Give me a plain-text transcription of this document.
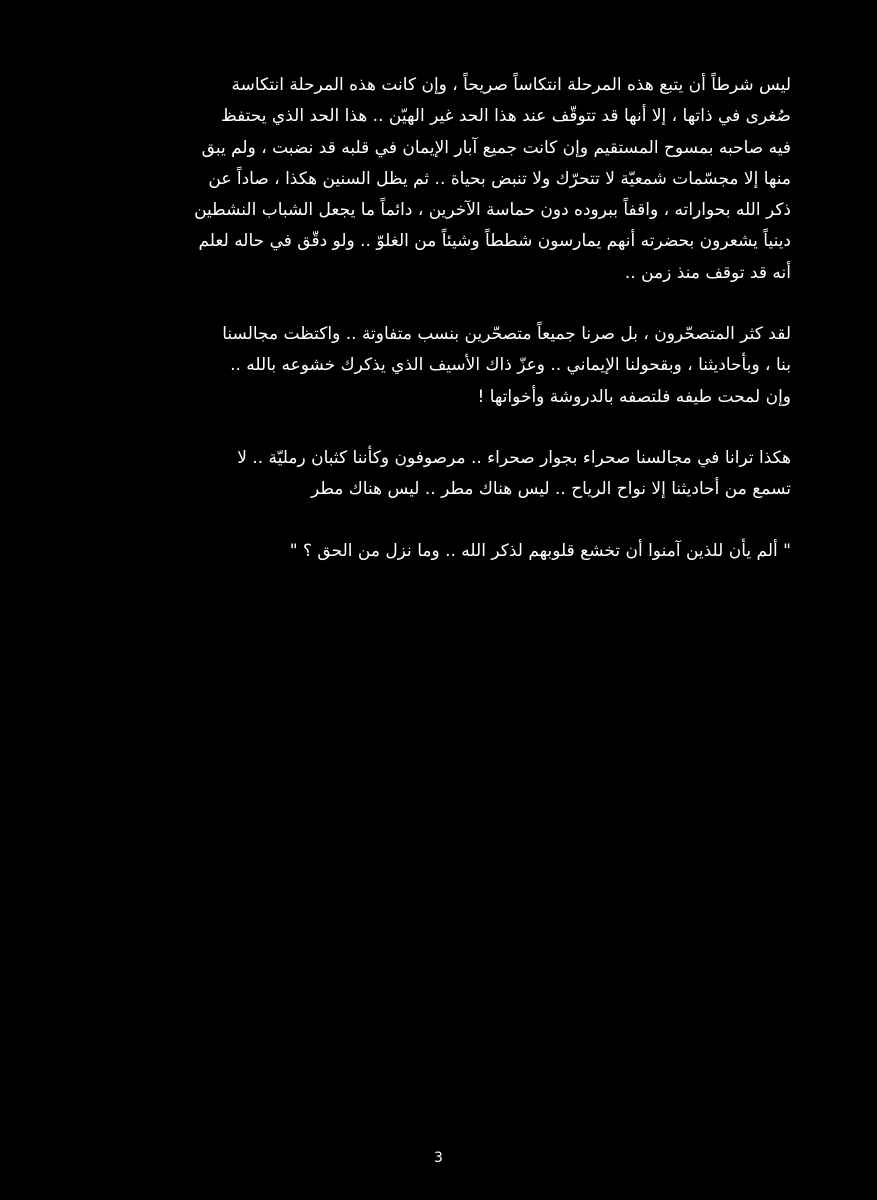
ليس شرطاً أن يتبع هذه المرحلة انتكاساً صريحاً ، وإن كانت هذه المرحلة انتكاسة
صُغرى في ذاتها ، إلا أنها قد تتوقّف عند هذا الحد غير الهيّن .. هذا الحد الذي يحتفظ
فيه صاحبه بمسوح المستقيم وإن كانت جميع آبار الإيمان في قلبه قد نضبت ، ولم يبق
منها إلا مجسّمات شمعيّة لا تتحرّك ولا تنبض بحياة .. ثم يظل السنين هكذا ، صاداً عن
ذكر الله بحواراته ، واقفاً ببروده دون حماسة الآخرين ، دائماً ما يجعل الشباب النشطين
دينياً يشعرون بحضرته أنهم يمارسون شططاً وشيئاً من الغلوّ .. ولو دقّق في حاله لعلم
أنه قد توقف منذ زمن ..
لقد كثر المتصحّرون ، بل صرنا جميعاً متصحّرين بنسب متفاوتة .. واكتظت مجالسنا
بنا ، وبأحاديثنا ، وبقحولنا الإيماني .. وعزّ ذاك الأسيف الذي يذكرك خشوعه بالله ..
وإن لمحت طيفه فلتصفه بالدروشة وأخواتها !
هكذا ترانا في مجالسنا صحراء بجوار صحراء .. مرصوفون وكأننا كثبان رمليّة .. لا
تسمع من أحاديثنا إلا نواح الرياح .. ليس هناك مطر .. ليس هناك مطر
" ألم يأن للذين آمنوا أن تخشع قلوبهم لذكر الله .. وما نزل من الحق ؟ "
3
